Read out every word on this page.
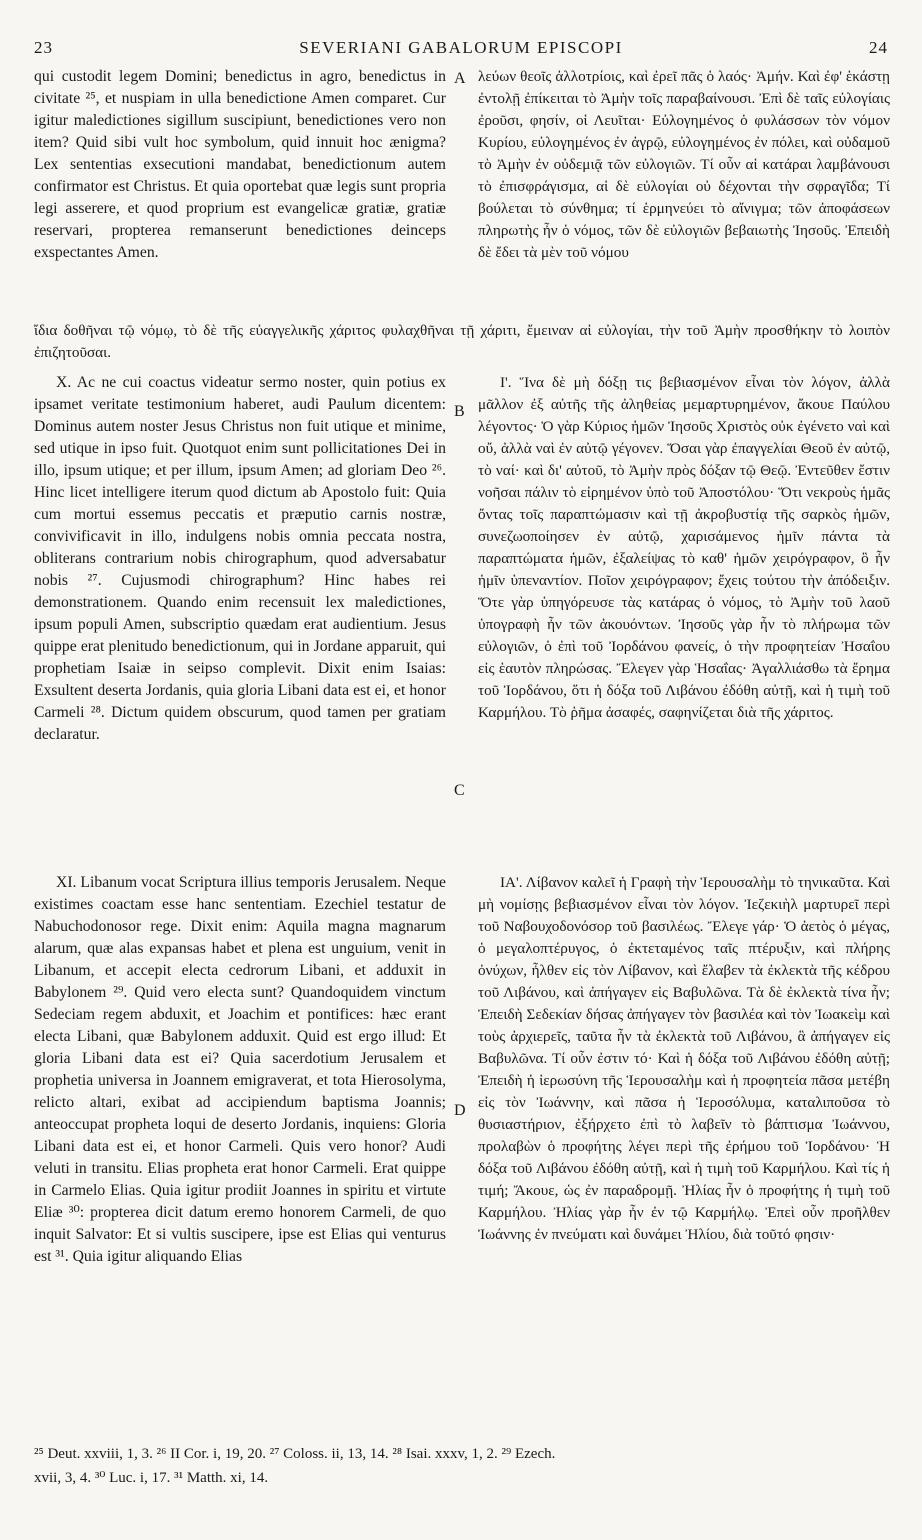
23	SEVERIANI GABALORUM EPISCOPI	24

qui custodit legem Domini; benedictus in agro, benedictus in civitate ²⁵, et nuspiam in ulla benedictione Amen comparet. Cur igitur maledictiones sigillum suscipiunt, benedictiones vero non item? Quid sibi vult hoc symbolum, quid innuit hoc ænigma? Lex sententias exsecutioni mandabat, benedictionum autem confirmator est Christus. Et quia oportebat quæ legis sunt propria legi asserere, et quod proprium est evangelicæ gratiæ, gratiæ reservari, propterea remanserunt benedictiones deinceps exspectantes Amen.

λεύων θεοῖς ἀλλοτρίοις, καὶ ἐρεῖ πᾶς ὁ λαός· Ἀμήν. Καὶ ἐφ' ἑκάστῃ ἐντολῇ ἐπίκειται τὸ Ἀμὴν τοῖς παραβαίνουσι. Ἐπὶ δὲ ταῖς εὐλογίαις ἐροῦσι, φησίν, οἱ Λευῖται· Εὐλογημένος ὁ φυλάσσων τὸν νόμον Κυρίου, εὐλογημένος ἐν ἀγρῷ, εὐλογημένος ἐν πόλει, καὶ οὐδαμοῦ τὸ Ἀμὴν ἐν οὐδεμιᾷ τῶν εὐλογιῶν. Τί οὖν αἱ κατάραι λαμβάνουσι τὸ ἐπισφράγισμα, αἱ δὲ εὐλογίαι οὐ δέχονται τὴν σφραγῖδα; Τί βούλεται τὸ σύνθημα; τί ἑρμηνεύει τὸ αἴνιγμα; τῶν ἀποφάσεων πληρωτὴς ἦν ὁ νόμος, τῶν δὲ εὐλογιῶν βεβαιωτὴς Ἰησοῦς. Ἐπειδὴ δὲ ἔδει τὰ μὲν τοῦ νόμου

ἴδια δοθῆναι τῷ νόμῳ, τὸ δὲ τῆς εὐαγγελικῆς χάριτος φυλαχθῆναι τῇ χάριτι, ἔμειναν αἱ εὐλογίαι, τὴν τοῦ Ἀμὴν προσθήκην τὸ λοιπὸν ἐπιζητοῦσαι.

X. Ac ne cui coactus videatur sermo noster, quin potius ex ipsamet veritate testimonium haberet, audi Paulum dicentem: Dominus autem noster Jesus Christus non fuit utique et minime, sed utique in ipso fuit. Quotquot enim sunt pollicitationes Dei in illo, ipsum utique; et per illum, ipsum Amen; ad gloriam Deo ²⁶. Hinc licet intelligere iterum quod dictum ab Apostolo fuit: Quia cum mortui essemus peccatis et præputio carnis nostræ, convivificavit in illo, indulgens nobis omnia peccata nostra, obliterans contrarium nobis chirographum, quod adversabatur nobis ²⁷. Cujusmodi chirographum? Hinc habes rei demonstrationem. Quando enim recensuit lex maledictiones, ipsum populi Amen, subscriptio quædam erat audientium. Jesus quippe erat plenitudo benedictionum, qui in Jordane apparuit, qui prophetiam Isaiæ in seipso complevit. Dixit enim Isaias: Exsultent deserta Jordanis, quia gloria Libani data est ei, et honor Carmeli ²⁸. Dictum quidem obscurum, quod tamen per gratiam declaratur.

Ι'. Ἵνα δὲ μὴ δόξῃ τις βεβιασμένον εἶναι τὸν λόγον, ἀλλὰ μᾶλλον ἐξ αὐτῆς τῆς ἀληθείας μεμαρτυρημένον, ἄκουε Παύλου λέγοντος· Ὁ γὰρ Κύριος ἡμῶν Ἰησοῦς Χριστὸς οὐκ ἐγένετο ναὶ καὶ οὔ, ἀλλὰ ναὶ ἐν αὐτῷ γέγονεν. Ὅσαι γὰρ ἐπαγγελίαι Θεοῦ ἐν αὐτῷ, τὸ ναί· καὶ δι' αὐτοῦ, τὸ Ἀμὴν πρὸς δόξαν τῷ Θεῷ. Ἐντεῦθεν ἔστιν νοῆσαι πάλιν τὸ εἰρημένον ὑπὸ τοῦ Ἀποστόλου· Ὅτι νεκροὺς ἡμᾶς ὄντας τοῖς παραπτώμασιν καὶ τῇ ἀκροβυστίᾳ τῆς σαρκὸς ἡμῶν, συνεζωοποίησεν ἐν αὐτῷ, χαρισάμενος ἡμῖν πάντα τὰ παραπτώματα ἡμῶν, ἐξαλείψας τὸ καθ' ἡμῶν χειρόγραφον, ὃ ἦν ἡμῖν ὑπεναντίον. Ποῖον χειρόγραφον; ἔχεις τούτου τὴν ἀπόδειξιν. Ὅτε γὰρ ὑπηγόρευσε τὰς κατάρας ὁ νόμος, τὸ Ἀμὴν τοῦ λαοῦ ὑπογραφὴ ἦν τῶν ἀκουόντων. Ἰησοῦς γὰρ ἦν τὸ πλήρωμα τῶν εὐλογιῶν, ὁ ἐπὶ τοῦ Ἰορδάνου φανείς, ὁ τὴν προφητείαν Ἠσαΐου εἰς ἑαυτὸν πληρώσας. Ἔλεγεν γὰρ Ἡσαΐας· Ἀγαλλιάσθω τὰ ἔρημα τοῦ Ἰορδάνου, ὅτι ἡ δόξα τοῦ Λιβάνου ἐδόθη αὐτῇ, καὶ ἡ τιμὴ τοῦ Καρμήλου. Τὸ ῥῆμα ἀσαφές, σαφηνίζεται διὰ τῆς χάριτος.

XI. Libanum vocat Scriptura illius temporis Jerusalem. Neque existimes coactam esse hanc sententiam. Ezechiel testatur de Nabuchodonosor rege. Dixit enim: Aquila magna magnarum alarum, quæ alas expansas habet et plena est unguium, venit in Libanum, et accepit electa cedrorum Libani, et adduxit in Babylonem ²⁹. Quid vero electa sunt? Quandoquidem vinctum Sedeciam regem abduxit, et Joachim et pontifices: hæc erant electa Libani, quæ Babylonem adduxit. Quid est ergo illud: Et gloria Libani data est ei? Quia sacerdotium Jerusalem et prophetia universa in Joannem emigraverat, et tota Hierosolyma, relicto altari, exibat ad accipiendum baptisma Joannis; anteoccupat propheta loqui de deserto Jordanis, inquiens: Gloria Libani data est ei, et honor Carmeli. Quis vero honor? Audi veluti in transitu. Elias propheta erat honor Carmeli. Erat quippe in Carmelo Elias. Quia igitur prodiit Joannes in spiritu et virtute Eliæ ³⁰: propterea dicit datum eremo honorem Carmeli, de quo inquit Salvator: Et si vultis suscipere, ipse est Elias qui venturus est ³¹. Quia igitur aliquando Elias

ΙΑ'. Λίβανον καλεῖ ἡ Γραφὴ τὴν Ἱερουσαλὴμ τὸ τηνικαῦτα. Καὶ μὴ νομίσῃς βεβιασμένον εἶναι τὸν λόγον. Ἰεζεκιὴλ μαρτυρεῖ περὶ τοῦ Ναβουχοδονόσορ τοῦ βασιλέως. Ἔλεγε γάρ· Ὁ ἀετὸς ὁ μέγας, ὁ μεγαλοπτέρυγος, ὁ ἐκτεταμένος ταῖς πτέρυξιν, καὶ πλήρης ὀνύχων, ἦλθεν εἰς τὸν Λίβανον, καὶ ἔλαβεν τὰ ἐκλεκτὰ τῆς κέδρου τοῦ Λιβάνου, καὶ ἀπήγαγεν εἰς Βαβυλῶνα. Τὰ δὲ ἐκλεκτὰ τίνα ἦν; Ἐπειδὴ Σεδεκίαν δήσας ἀπήγαγεν τὸν βασιλέα καὶ τὸν Ἰωακεὶμ καὶ τοὺς ἀρχιερεῖς, ταῦτα ἦν τὰ ἐκλεκτὰ τοῦ Λιβάνου, ἃ ἀπήγαγεν εἰς Βαβυλῶνα. Τί οὖν ἐστιν τό· Καὶ ἡ δόξα τοῦ Λιβάνου ἐδόθη αὐτῇ; Ἐπειδὴ ἡ ἱερωσύνη τῆς Ἱερουσαλὴμ καὶ ἡ προφητεία πᾶσα μετέβη εἰς τὸν Ἰωάννην, καὶ πᾶσα ἡ Ἱεροσόλυμα, καταλιποῦσα τὸ θυσιαστήριον, ἐξήρχετο ἐπὶ τὸ λαβεῖν τὸ βάπτισμα Ἰωάννου, προλαβὼν ὁ προφήτης λέγει περὶ τῆς ἐρήμου τοῦ Ἰορδάνου· Ἡ δόξα τοῦ Λιβάνου ἐδόθη αὐτῇ, καὶ ἡ τιμὴ τοῦ Καρμήλου. Καὶ τίς ἡ τιμή; Ἄκουε, ὡς ἐν παραδρομῇ. Ἠλίας ἦν ὁ προφήτης ἡ τιμὴ τοῦ Καρμήλου. Ἠλίας γὰρ ἦν ἐν τῷ Καρμήλῳ. Ἐπεὶ οὖν προῆλθεν Ἰωάννης ἐν πνεύματι καὶ δυνάμει Ἠλίου, διὰ τοῦτό φησιν·

A
B
C
D
²⁵ Deut. xxviii, 1, 3. ²⁶ II Cor. i, 19, 20. ²⁷ Coloss. ii, 13, 14. ²⁸ Isai. xxxv, 1, 2. ²⁹ Ezech.
xvii, 3, 4. ³⁰ Luc. i, 17. ³¹ Matth. xi, 14.
